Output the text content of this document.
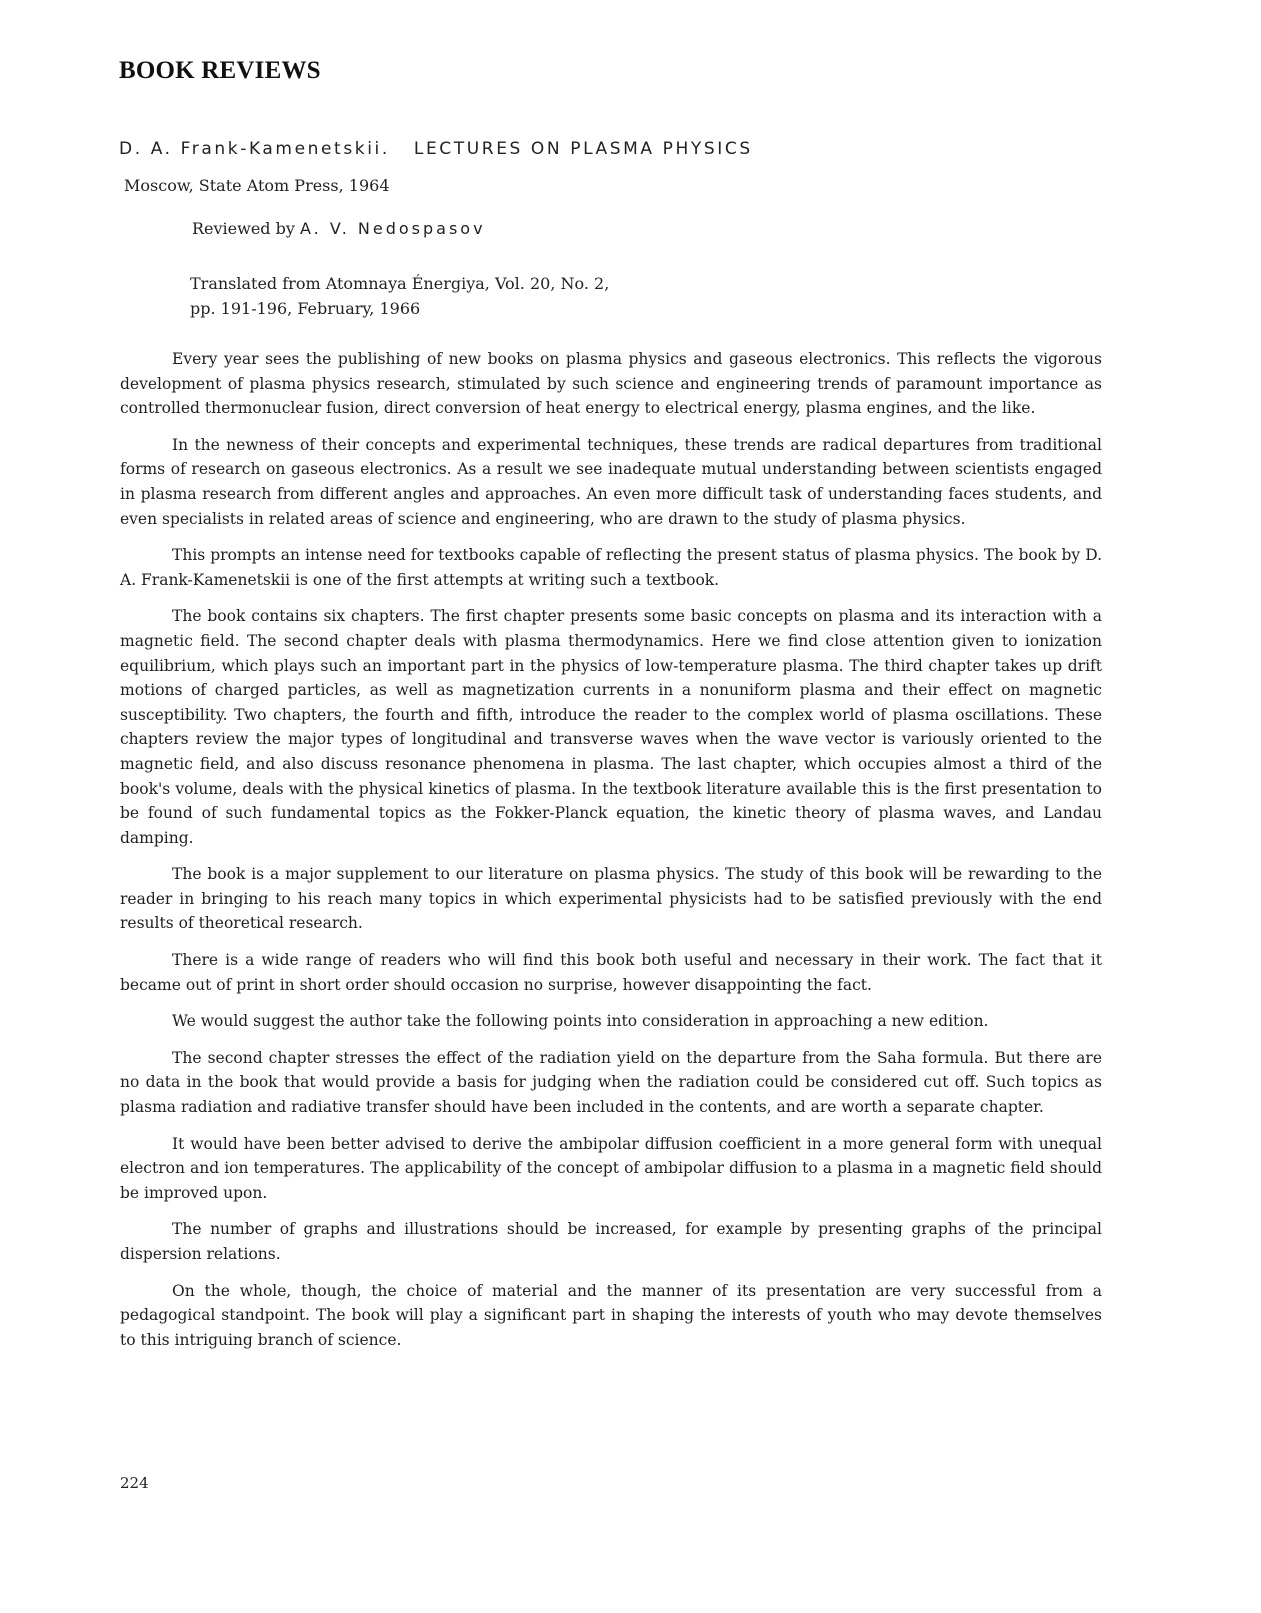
BOOK REVIEWS
D. A. Frank-Kamenetskii. LECTURES ON PLASMA PHYSICS
Moscow, State Atom Press, 1964
Reviewed by A. V. Nedospasov
Translated from Atomnaya Énergiya, Vol. 20, No. 2,
pp. 191-196, February, 1966

Every year sees the publishing of new books on plasma physics and gaseous electronics. This reflects the vigorous development of plasma physics research, stimulated by such science and engineering trends of paramount importance as controlled thermonuclear fusion, direct conversion of heat energy to electrical energy, plasma engines, and the like.

In the newness of their concepts and experimental techniques, these trends are radical departures from traditional forms of research on gaseous electronics. As a result we see inadequate mutual understanding between scientists engaged in plasma research from different angles and approaches. An even more difficult task of understanding faces students, and even specialists in related areas of science and engineering, who are drawn to the study of plasma physics.

This prompts an intense need for textbooks capable of reflecting the present status of plasma physics. The book by D. A. Frank-Kamenetskii is one of the first attempts at writing such a textbook.

The book contains six chapters. The first chapter presents some basic concepts on plasma and its interaction with a magnetic field. The second chapter deals with plasma thermodynamics. Here we find close attention given to ionization equilibrium, which plays such an important part in the physics of low-temperature plasma. The third chapter takes up drift motions of charged particles, as well as magnetization currents in a nonuniform plasma and their effect on magnetic susceptibility. Two chapters, the fourth and fifth, introduce the reader to the complex world of plasma oscillations. These chapters review the major types of longitudinal and transverse waves when the wave vector is variously oriented to the magnetic field, and also discuss resonance phenomena in plasma. The last chapter, which occupies almost a third of the book's volume, deals with the physical kinetics of plasma. In the textbook literature available this is the first presentation to be found of such fundamental topics as the Fokker-Planck equation, the kinetic theory of plasma waves, and Landau damping.

The book is a major supplement to our literature on plasma physics. The study of this book will be rewarding to the reader in bringing to his reach many topics in which experimental physicists had to be satisfied previously with the end results of theoretical research.

There is a wide range of readers who will find this book both useful and necessary in their work. The fact that it became out of print in short order should occasion no surprise, however disappointing the fact.

We would suggest the author take the following points into consideration in approaching a new edition.

The second chapter stresses the effect of the radiation yield on the departure from the Saha formula. But there are no data in the book that would provide a basis for judging when the radiation could be considered cut off. Such topics as plasma radiation and radiative transfer should have been included in the contents, and are worth a separate chapter.

It would have been better advised to derive the ambipolar diffusion coefficient in a more general form with unequal electron and ion temperatures. The applicability of the concept of ambipolar diffusion to a plasma in a magnetic field should be improved upon.

The number of graphs and illustrations should be increased, for example by presenting graphs of the principal dispersion relations.

On the whole, though, the choice of material and the manner of its presentation are very successful from a pedagogical standpoint. The book will play a significant part in shaping the interests of youth who may devote themselves to this intriguing branch of science.

224
